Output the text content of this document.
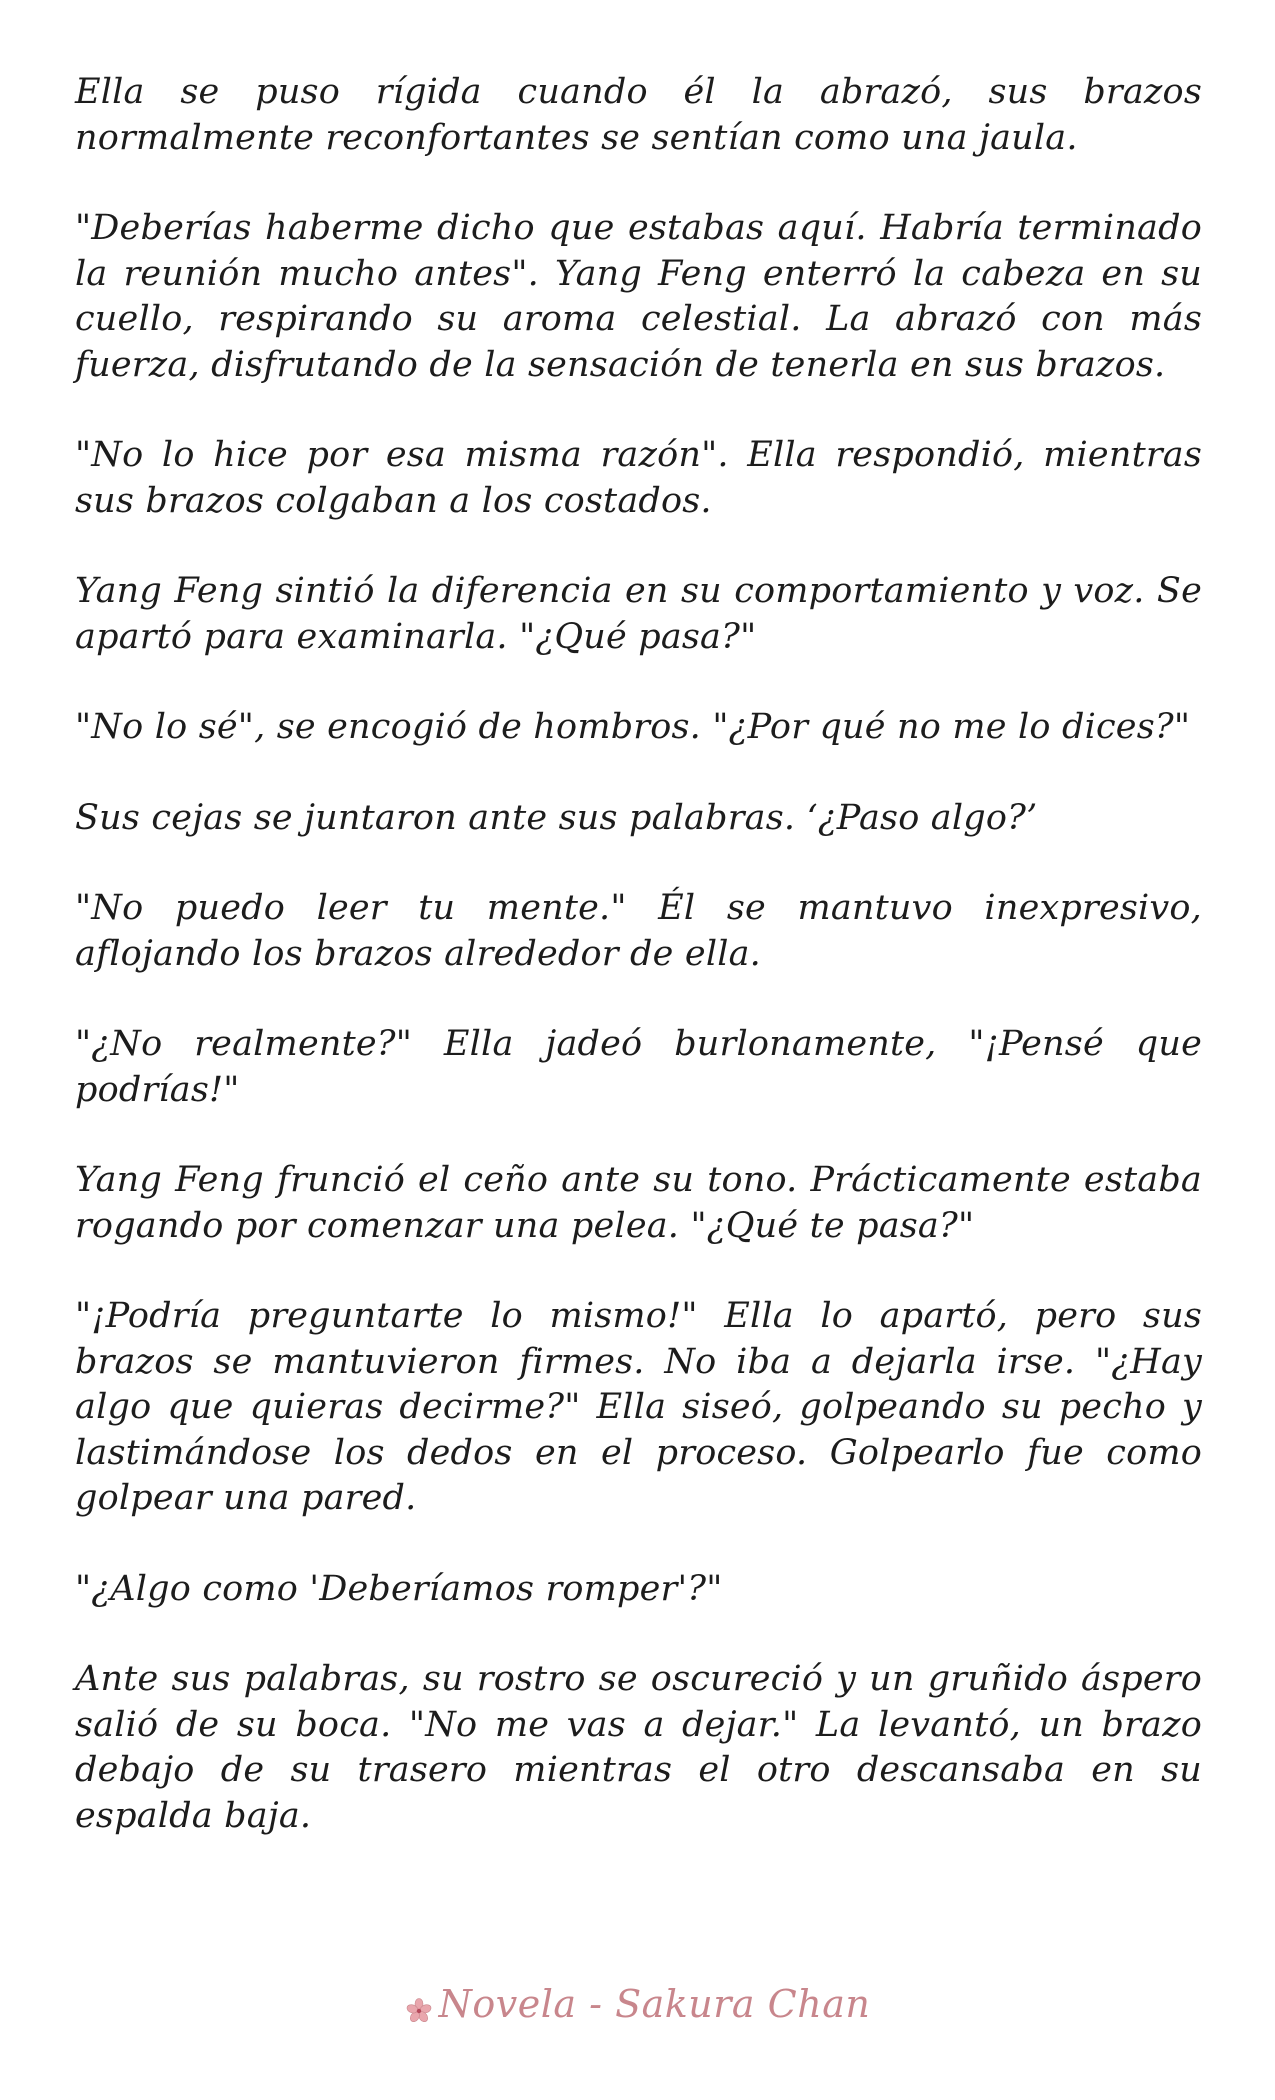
Ella se puso rígida cuando él la abrazó, sus brazos normalmente reconfortantes se sentían como una jaula.

"Deberías haberme dicho que estabas aquí. Habría terminado la reunión mucho antes". Yang Feng enterró la cabeza en su cuello, respirando su aroma celestial. La abrazó con más fuerza, disfrutando de la sensación de tenerla en sus brazos.

"No lo hice por esa misma razón". Ella respondió, mientras sus brazos colgaban a los costados.

Yang Feng sintió la diferencia en su comportamiento y voz. Se apartó para examinarla. "¿Qué pasa?"

"No lo sé", se encogió de hombros. "¿Por qué no me lo dices?"

Sus cejas se juntaron ante sus palabras. ‘¿Paso algo?’

"No puedo leer tu mente." Él se mantuvo inexpresivo, aflojando los brazos alrededor de ella.

"¿No realmente?" Ella jadeó burlonamente, "¡Pensé que podrías!"

Yang Feng frunció el ceño ante su tono. Prácticamente estaba rogando por comenzar una pelea. "¿Qué te pasa?"

"¡Podría preguntarte lo mismo!" Ella lo apartó, pero sus brazos se mantuvieron firmes. No iba a dejarla irse. "¿Hay algo que quieras decirme?" Ella siseó, golpeando su pecho y lastimándose los dedos en el proceso. Golpearlo fue como golpear una pared.

"¿Algo como 'Deberíamos romper'?"

Ante sus palabras, su rostro se oscureció y un gruñido áspero salió de su boca. "No me vas a dejar." La levantó, un brazo debajo de su trasero mientras el otro descansaba en su espalda baja.

Novela - Sakura Chan
